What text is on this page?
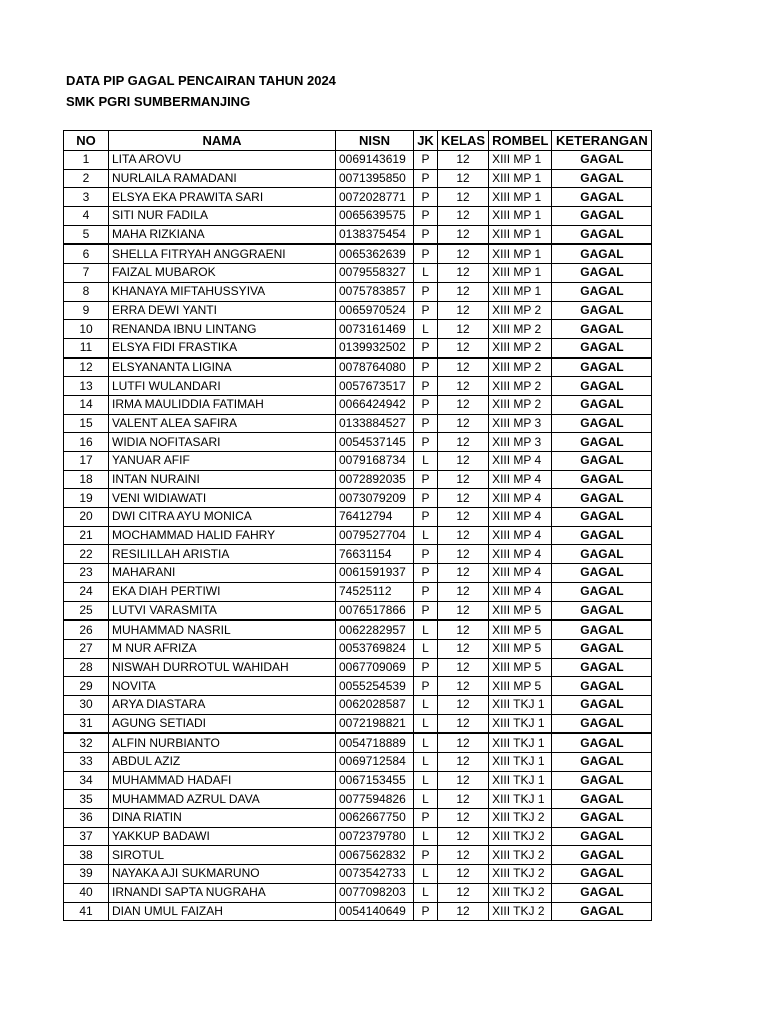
DATA PIP GAGAL PENCAIRAN TAHUN 2024
SMK PGRI SUMBERMANJING
NO	NAMA	NISN	JK	KELAS	ROMBEL	KETERANGAN
1	LITA AROVU	0069143619	P	12	XIII MP 1	GAGAL
2	NURLAILA RAMADANI	0071395850	P	12	XIII MP 1	GAGAL
3	ELSYA EKA PRAWITA SARI	0072028771	P	12	XIII MP 1	GAGAL
4	SITI NUR FADILA	0065639575	P	12	XIII MP 1	GAGAL
5	MAHA RIZKIANA	0138375454	P	12	XIII MP 1	GAGAL
6	SHELLA FITRYAH ANGGRAENI	0065362639	P	12	XIII MP 1	GAGAL
7	FAIZAL MUBAROK	0079558327	L	12	XIII MP 1	GAGAL
8	KHANAYA MIFTAHUSSYIVA	0075783857	P	12	XIII MP 1	GAGAL
9	ERRA DEWI YANTI	0065970524	P	12	XIII MP 2	GAGAL
10	RENANDA IBNU LINTANG	0073161469	L	12	XIII MP 2	GAGAL
11	ELSYA FIDI FRASTIKA	0139932502	P	12	XIII MP 2	GAGAL
12	ELSYANANTA LIGINA	0078764080	P	12	XIII MP 2	GAGAL
13	LUTFI WULANDARI	0057673517	P	12	XIII MP 2	GAGAL
14	IRMA MAULIDDIA FATIMAH	0066424942	P	12	XIII MP 2	GAGAL
15	VALENT ALEA SAFIRA	0133884527	P	12	XIII MP 3	GAGAL
16	WIDIA NOFITASARI	0054537145	P	12	XIII MP 3	GAGAL
17	YANUAR AFIF	0079168734	L	12	XIII MP 4	GAGAL
18	INTAN NURAINI	0072892035	P	12	XIII MP 4	GAGAL
19	VENI WIDIAWATI	0073079209	P	12	XIII MP 4	GAGAL
20	DWI CITRA AYU MONICA	76412794	P	12	XIII MP 4	GAGAL
21	MOCHAMMAD HALID FAHRY	0079527704	L	12	XIII MP 4	GAGAL
22	RESILILLAH ARISTIA	76631154	P	12	XIII MP 4	GAGAL
23	MAHARANI	0061591937	P	12	XIII MP 4	GAGAL
24	EKA DIAH PERTIWI	74525112	P	12	XIII MP 4	GAGAL
25	LUTVI VARASMITA	0076517866	P	12	XIII MP 5	GAGAL
26	MUHAMMAD NASRIL	0062282957	L	12	XIII MP 5	GAGAL
27	M NUR AFRIZA	0053769824	L	12	XIII MP 5	GAGAL
28	NISWAH DURROTUL WAHIDAH	0067709069	P	12	XIII MP 5	GAGAL
29	NOVITA	0055254539	P	12	XIII MP 5	GAGAL
30	ARYA DIASTARA	0062028587	L	12	XIII TKJ 1	GAGAL
31	AGUNG SETIADI	0072198821	L	12	XIII TKJ 1	GAGAL
32	ALFIN NURBIANTO	0054718889	L	12	XIII TKJ 1	GAGAL
33	ABDUL AZIZ	0069712584	L	12	XIII TKJ 1	GAGAL
34	MUHAMMAD HADAFI	0067153455	L	12	XIII TKJ 1	GAGAL
35	MUHAMMAD AZRUL DAVA	0077594826	L	12	XIII TKJ 1	GAGAL
36	DINA RIATIN	0062667750	P	12	XIII TKJ 2	GAGAL
37	YAKKUP BADAWI	0072379780	L	12	XIII TKJ 2	GAGAL
38	SIROTUL	0067562832	P	12	XIII TKJ 2	GAGAL
39	NAYAKA AJI SUKMARUNO	0073542733	L	12	XIII TKJ 2	GAGAL
40	IRNANDI SAPTA NUGRAHA	0077098203	L	12	XIII TKJ 2	GAGAL
41	DIAN UMUL FAIZAH	0054140649	P	12	XIII TKJ 2	GAGAL
